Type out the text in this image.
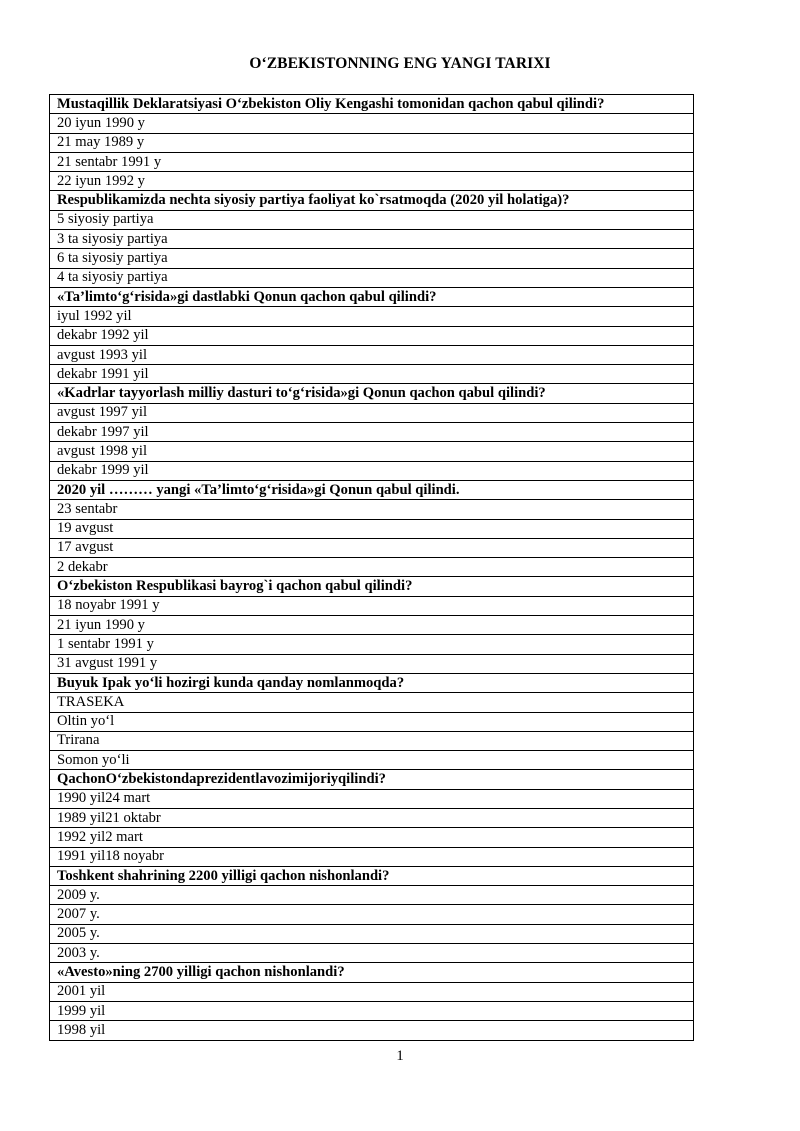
O‘ZBEKISTONNING ENG YANGI TARIXI
Mustaqillik Deklaratsiyasi O‘zbekiston Oliy Kengashi tomonidan qachon qabul qilindi?
20 iyun 1990 y
21 may 1989 y
21 sentabr 1991 y
22 iyun 1992 y
Respublikamizda nechta siyosiy partiya faoliyat ko`rsatmoqda (2020 yil holatiga)?
5 siyosiy partiya
3 ta siyosiy partiya
6 ta siyosiy partiya
4 ta siyosiy partiya
«Ta’limto‘g‘risida»gi dastlabki Qonun qachon qabul qilindi?
iyul 1992 yil
dekabr 1992 yil
avgust 1993 yil
dekabr 1991 yil
«Kadrlar tayyorlash milliy dasturi to‘g‘risida»gi Qonun qachon qabul qilindi?
avgust 1997 yil
dekabr 1997 yil
avgust 1998 yil
dekabr 1999 yil
2020 yil ……… yangi «Ta’limto‘g‘risida»gi Qonun qabul qilindi.
23 sentabr
19 avgust
17 avgust
2 dekabr
O‘zbekiston Respublikasi bayrog`i qachon qabul qilindi?
18 noyabr 1991 y
21 iyun 1990 y
1 sentabr 1991 y
31 avgust 1991 y
Buyuk Ipak yo‘li hozirgi kunda qanday nomlanmoqda?
TRASEKA
Oltin yo‘l
Trirana
Somon yo‘li
QachonO‘zbekistondaprezidentlavozimijoriyqilindi?
1990 yil24 mart
1989 yil21 oktabr
1992 yil2 mart
1991 yil18 noyabr
Toshkent shahrining 2200 yilligi qachon nishonlandi?
2009 y.
2007 y.
2005 y.
2003 y.
«Avesto»ning 2700 yilligi qachon nishonlandi?
2001 yil
1999 yil
1998 yil
1
